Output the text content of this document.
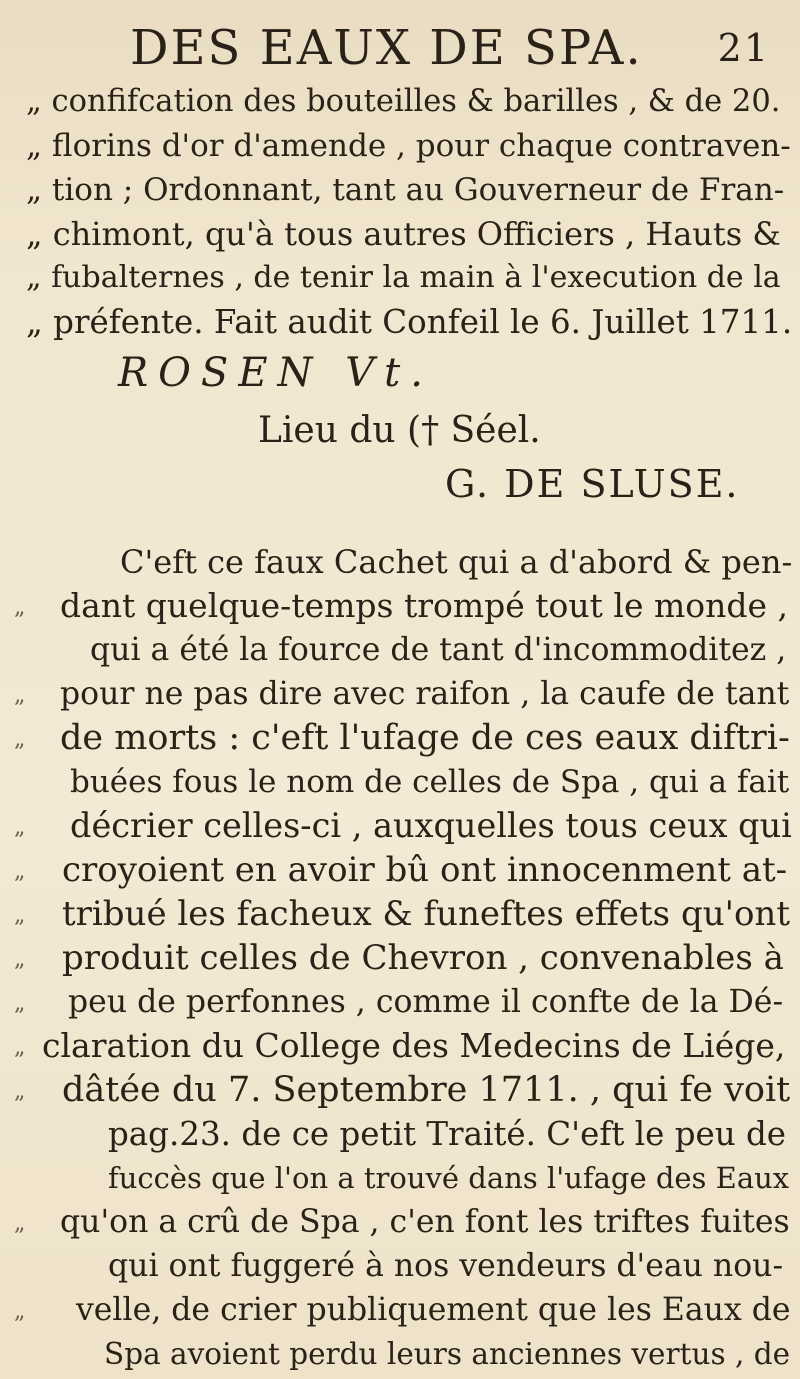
DES EAUX DE SPA. 21
„ confifcation des bouteilles & barilles , & de 20.
„ florins d'or d'amende , pour chaque contraven-
„ tion ; Ordonnant, tant au Gouverneur de Fran-
„ chimont, qu'à tous autres Officiers , Hauts &
„ fubalternes , de tenir la main à l'execution de la
„ préfente. Fait audit Confeil le 6. Juillet 1711.
ROSEN Vt.
Lieu du († Séel.
G. DE SLUSE.
C'eft ce faux Cachet qui a d'abord & pen-
„ dant quelque-temps trompé tout le monde ,
qui a été la fource de tant d'incommoditez ,
„ pour ne pas dire avec raifon , la caufe de tant
„ de morts : c'eft l'ufage de ces eaux diftri-
buées fous le nom de celles de Spa , qui a fait
„ décrier celles-ci , auxquelles tous ceux qui
„ croyoient en avoir bû ont innocenment at-
„ tribué les facheux & funeftes effets qu'ont
„ produit celles de Chevron , convenables à
„ peu de perfonnes , comme il confte de la Dé-
„ claration du College des Medecins de Liége,
„ dâtée du 7. Septembre 1711. , qui fe voit
pag.23. de ce petit Traité. C'eft le peu de
fuccès que l'on a trouvé dans l'ufage des Eaux
„ qu'on a crû de Spa , c'en font les triftes fuites
qui ont fuggeré à nos vendeurs d'eau nou-
„ velle, de crier publiquement que les Eaux de
Spa avoient perdu leurs anciennes vertus , de
